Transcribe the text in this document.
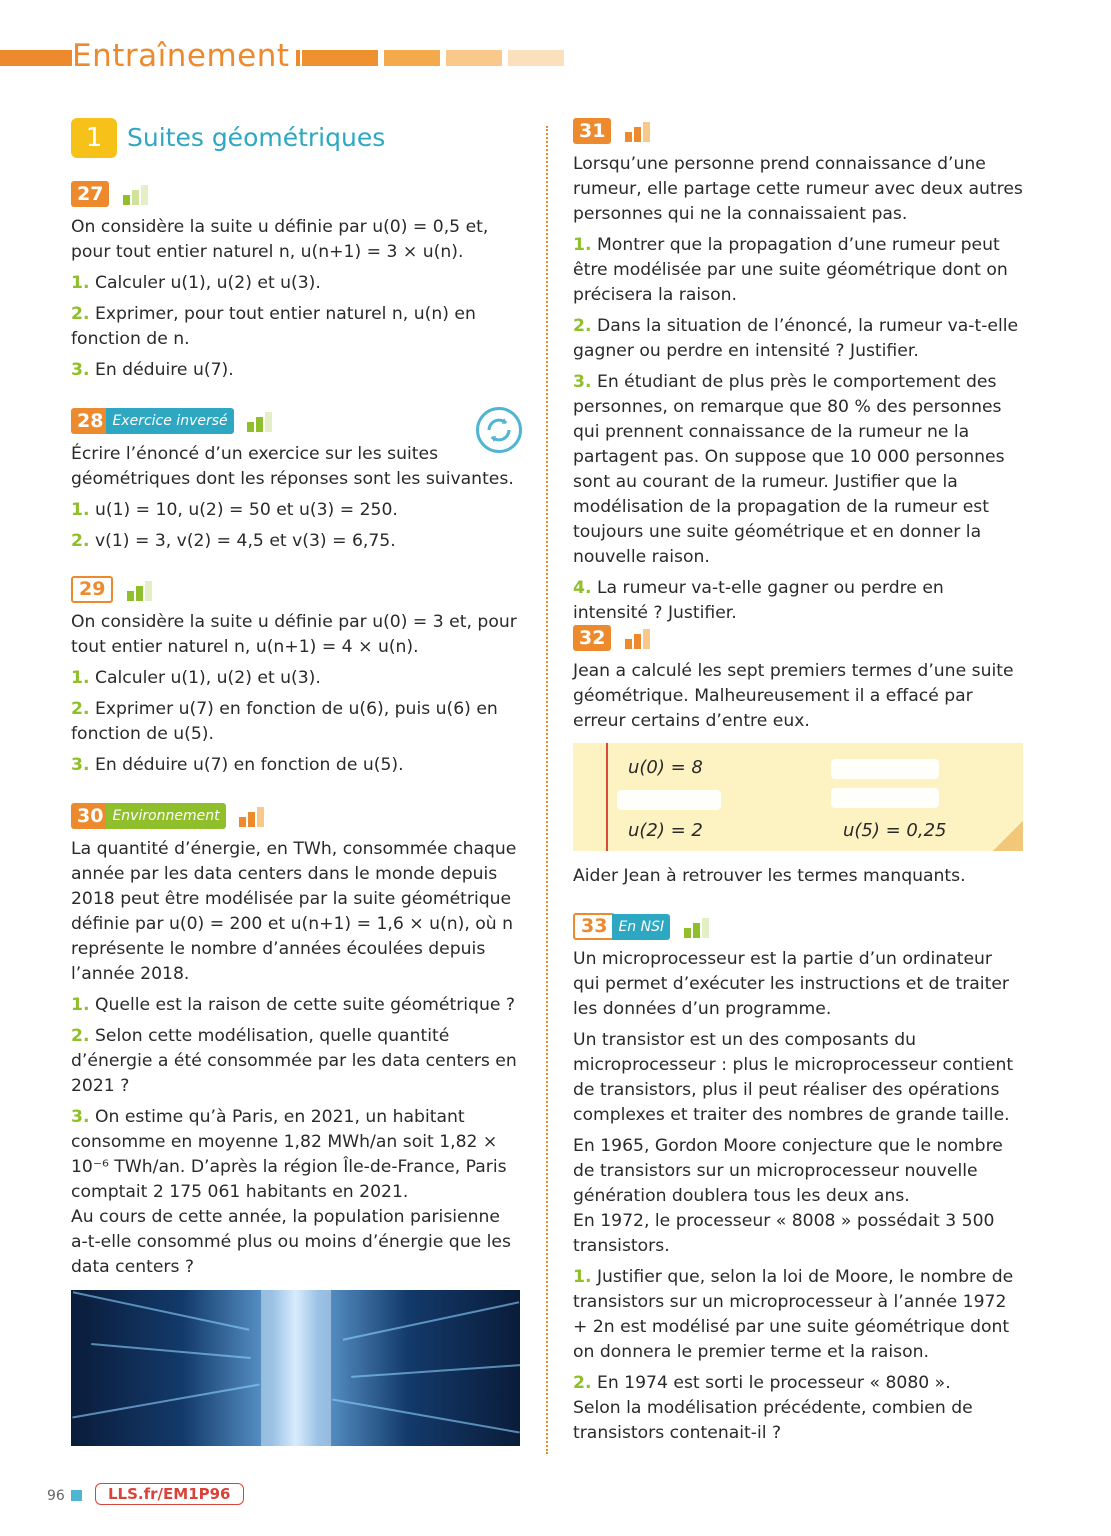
Entraînement
1 Suites géométriques
27

On considère la suite u définie par u(0) = 0,5 et, pour tout entier naturel n, u(n+1) = 3 × u(n).

1. Calculer u(1), u(2) et u(3).

2. Exprimer, pour tout entier naturel n, u(n) en fonction de n.

3. En déduire u(7).

28 Exercice inversé

Écrire l’énoncé d’un exercice sur les suites géométriques dont les réponses sont les suivantes.

1. u(1) = 10, u(2) = 50 et u(3) = 250.

2. v(1) = 3, v(2) = 4,5 et v(3) = 6,75.

29

On considère la suite u définie par u(0) = 3 et, pour tout entier naturel n, u(n+1) = 4 × u(n).

1. Calculer u(1), u(2) et u(3).

2. Exprimer u(7) en fonction de u(6), puis u(6) en fonction de u(5).

3. En déduire u(7) en fonction de u(5).

30 Environnement

La quantité d’énergie, en TWh, consommée chaque année par les data centers dans le monde depuis 2018 peut être modélisée par la suite géométrique définie par u(0) = 200 et u(n+1) = 1,6 × u(n), où n représente le nombre d’années écoulées depuis l’année 2018.

1. Quelle est la raison de cette suite géométrique ?

2. Selon cette modélisation, quelle quantité d’énergie a été consommée par les data centers en 2021 ?

3. On estime qu’à Paris, en 2021, un habitant consomme en moyenne 1,82 MWh/an soit 1,82 × 10⁻⁶ TWh/an. D’après la région Île-de-France, Paris comptait 2 175 061 habitants en 2021.

Au cours de cette année, la population parisienne a-t-elle consommé plus ou moins d’énergie que les data centers ?

31

Lorsqu’une personne prend connaissance d’une rumeur, elle partage cette rumeur avec deux autres personnes qui ne la connaissaient pas.

1. Montrer que la propagation d’une rumeur peut être modélisée par une suite géométrique dont on précisera la raison.

2. Dans la situation de l’énoncé, la rumeur va-t-elle gagner ou perdre en intensité ? Justifier.

3. En étudiant de plus près le comportement des personnes, on remarque que 80 % des personnes qui prennent connaissance de la rumeur ne la partagent pas. On suppose que 10 000 personnes sont au courant de la rumeur. Justifier que la modélisation de la propagation de la rumeur est toujours une suite géométrique et en donner la nouvelle raison.

4. La rumeur va-t-elle gagner ou perdre en intensité ? Justifier.

32

Jean a calculé les sept premiers termes d’une suite géométrique. Malheureusement il a effacé par erreur certains d’entre eux.

u(0) = 8
u(2) = 2	u(5) = 0,25

Aider Jean à retrouver les termes manquants.

33 En NSI

Un microprocesseur est la partie d’un ordinateur qui permet d’exécuter les instructions et de traiter les données d’un programme.

Un transistor est un des composants du microprocesseur : plus le microprocesseur contient de transistors, plus il peut réaliser des opérations complexes et traiter des nombres de grande taille.

En 1965, Gordon Moore conjecture que le nombre de transistors sur un microprocesseur nouvelle génération doublera tous les deux ans.

En 1972, le processeur « 8008 » possédait 3 500 transistors.

1. Justifier que, selon la loi de Moore, le nombre de transistors sur un microprocesseur à l’année 1972 + 2n est modélisé par une suite géométrique dont on donnera le premier terme et la raison.

2. En 1974 est sorti le processeur « 8080 ».

Selon la modélisation précédente, combien de transistors contenait-il ?

96	LLS.fr/EM1P96
